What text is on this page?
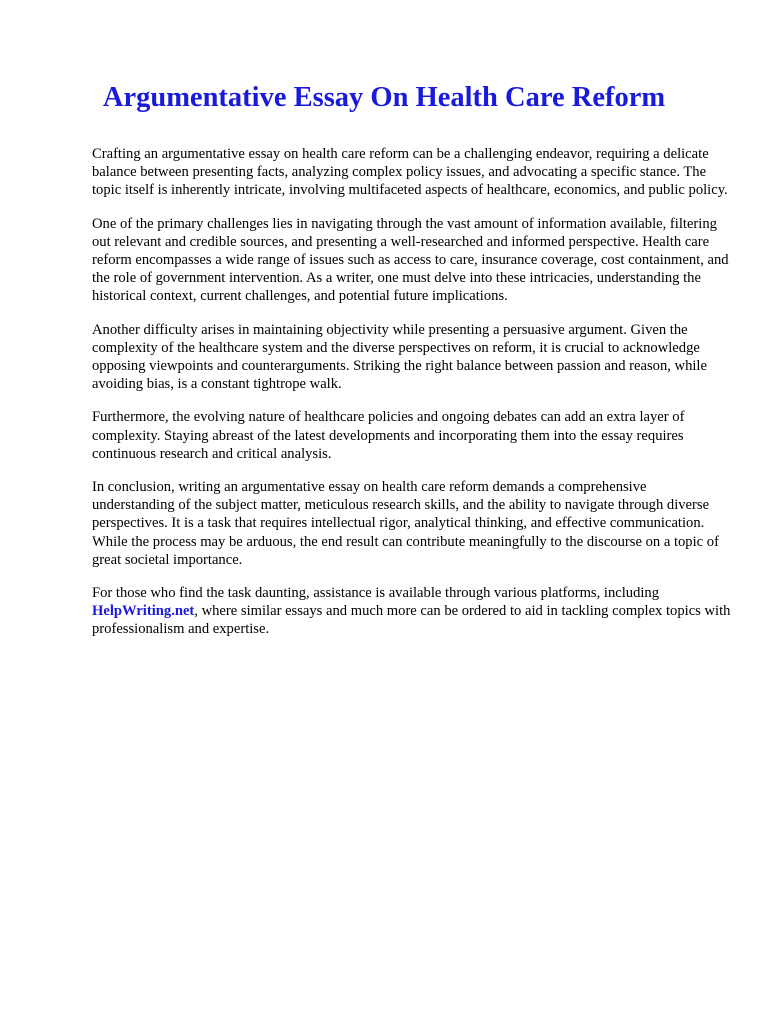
Argumentative Essay On Health Care Reform

Crafting an argumentative essay on health care reform can be a challenging endeavor, requiring a delicate balance between presenting facts, analyzing complex policy issues, and advocating a specific stance. The topic itself is inherently intricate, involving multifaceted aspects of healthcare, economics, and public policy.

One of the primary challenges lies in navigating through the vast amount of information available, filtering out relevant and credible sources, and presenting a well-researched and informed perspective. Health care reform encompasses a wide range of issues such as access to care, insurance coverage, cost containment, and the role of government intervention. As a writer, one must delve into these intricacies, understanding the historical context, current challenges, and potential future implications.

Another difficulty arises in maintaining objectivity while presenting a persuasive argument. Given the complexity of the healthcare system and the diverse perspectives on reform, it is crucial to acknowledge opposing viewpoints and counterarguments. Striking the right balance between passion and reason, while avoiding bias, is a constant tightrope walk.

Furthermore, the evolving nature of healthcare policies and ongoing debates can add an extra layer of complexity. Staying abreast of the latest developments and incorporating them into the essay requires continuous research and critical analysis.

In conclusion, writing an argumentative essay on health care reform demands a comprehensive understanding of the subject matter, meticulous research skills, and the ability to navigate through diverse perspectives. It is a task that requires intellectual rigor, analytical thinking, and effective communication. While the process may be arduous, the end result can contribute meaningfully to the discourse on a topic of great societal importance.

For those who find the task daunting, assistance is available through various platforms, including HelpWriting.net, where similar essays and much more can be ordered to aid in tackling complex topics with professionalism and expertise.
